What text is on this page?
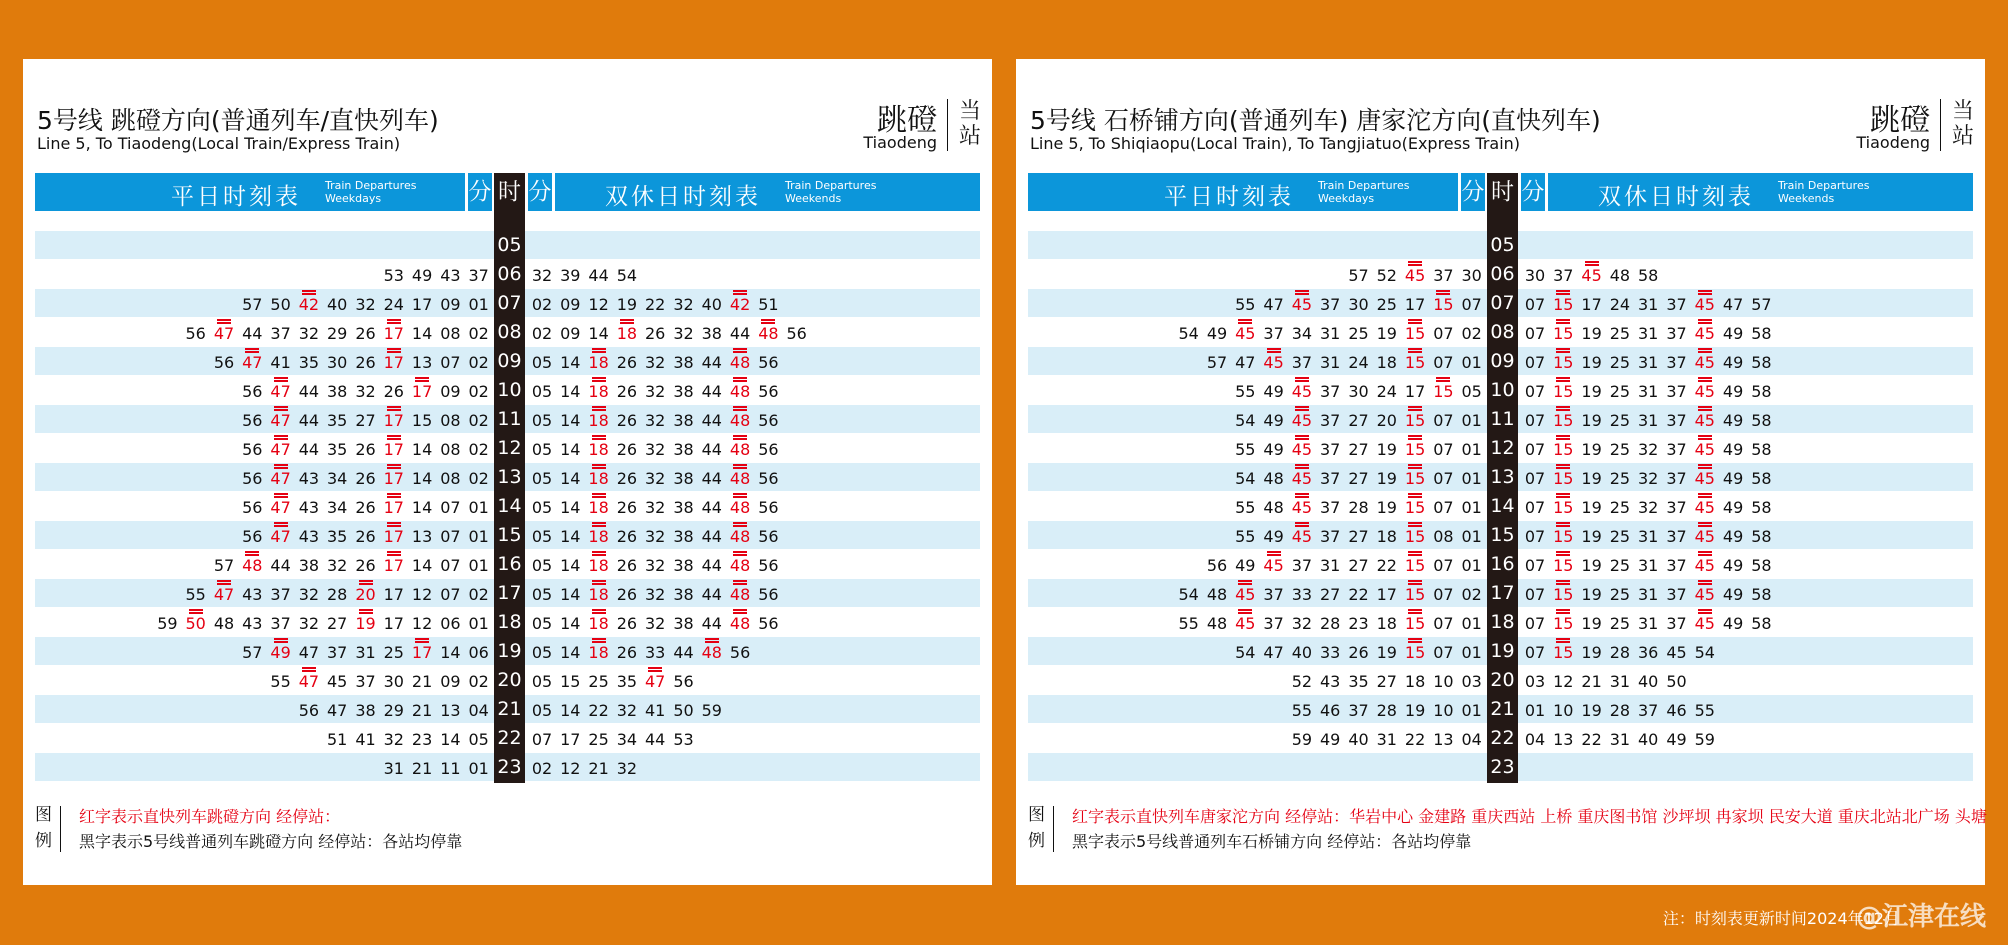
5号线 跳磴方向(普通列车/直快列车)
Line 5, To Tiaodeng(Local Train/Express Train)
跳磴
Tiaodeng
当站
平日时刻表 Train Departures
Weekdays	分 时 分 双休日时刻表 Train Departures
Weekends
05
06
53 49 43 37	32 39 44 54
07
57 50 42 40 32 24 17 09 01	02 09 12 19 22 32 40 42 51
08
56 47 44 37 32 29 26 17 14 08 02	02 09 14 18 26 32 38 44 48 56
09
56 47 41 35 30 26 17 13 07 02	05 14 18 26 32 38 44 48 56
10
56 47 44 38 32 26 17 09 02	05 14 18 26 32 38 44 48 56
11
56 47 44 35 27 17 15 08 02	05 14 18 26 32 38 44 48 56
12
56 47 44 35 26 17 14 08 02	05 14 18 26 32 38 44 48 56
13
56 47 43 34 26 17 14 08 02	05 14 18 26 32 38 44 48 56
14
56 47 43 34 26 17 14 07 01	05 14 18 26 32 38 44 48 56
15
56 47 43 35 26 17 13 07 01	05 14 18 26 32 38 44 48 56
16
57 48 44 38 32 26 17 14 07 01	05 14 18 26 32 38 44 48 56
17
55 47 43 37 32 28 20 17 12 07 02	05 14 18 26 32 38 44 48 56
18
59 50 48 43 37 32 27 19 17 12 06 01	05 14 18 26 32 38 44 48 56
19
57 49 47 37 31 25 17 14 06	05 14 18 26 33 44 48 56
20
55 47 45 37 30 21 09 02	05 15 25 35 47 56
21
56 47 38 29 21 13 04	05 14 22 32 41 50 59
22
51 41 32 23 14 05	07 17 25 34 44 53
23
31 21 11 01	02 12 21 32
图例
红字表示直快列车跳磴方向 经停站：
黑字表示5号线普通列车跳磴方向 经停站：各站均停靠
5号线 石桥铺方向(普通列车) 唐家沱方向(直快列车)
Line 5, To Shiqiaopu(Local Train), To Tangjiatuo(Express Train)
跳磴
Tiaodeng
当站
平日时刻表 Train Departures
Weekdays	分 时 分 双休日时刻表 Train Departures
Weekends
05
06
57 52 45 37 30	30 37 45 48 58
07
55 47 45 37 30 25 17 15 07	07 15 17 24 31 37 45 47 57
08
54 49 45 37 34 31 25 19 15 07 02	07 15 19 25 31 37 45 49 58
09
57 47 45 37 31 24 18 15 07 01	07 15 19 25 31 37 45 49 58
10
55 49 45 37 30 24 17 15 05	07 15 19 25 31 37 45 49 58
11
54 49 45 37 27 20 15 07 01	07 15 19 25 31 37 45 49 58
12
55 49 45 37 27 19 15 07 01	07 15 19 25 32 37 45 49 58
13
54 48 45 37 27 19 15 07 01	07 15 19 25 32 37 45 49 58
14
55 48 45 37 28 19 15 07 01	07 15 19 25 32 37 45 49 58
15
55 49 45 37 27 18 15 08 01	07 15 19 25 31 37 45 49 58
16
56 49 45 37 31 27 22 15 07 01	07 15 19 25 31 37 45 49 58
17
54 48 45 37 33 27 22 17 15 07 02	07 15 19 25 31 37 45 49 58
18
55 48 45 37 32 28 23 18 15 07 01	07 15 19 25 31 37 45 49 58
19
54 47 40 33 26 19 15 07 01	07 15 19 28 36 45 54
20
52 43 35 27 18 10 03	03 12 21 31 40 50
21
55 46 37 28 19 10 01	01 10 19 28 37 46 55
22
59 49 40 31 22 13 04	04 13 22 31 40 49 59
23
图例
红字表示直快列车唐家沱方向 经停站：华岩中心 金建路 重庆西站 上桥 重庆图书馆 沙坪坝 冉家坝 民安大道 重庆北站北广场 头塘
黑字表示5号线普通列车石桥铺方向 经停站：各站均停靠
注：时刻表更新时间2024年12月
@江津在线
